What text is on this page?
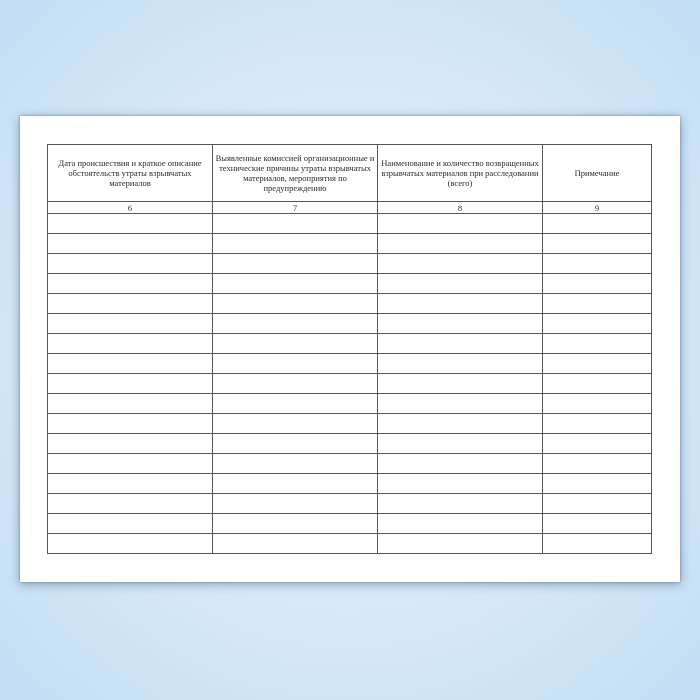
Дата происшествия и краткое описание обстоятельств утраты взрывчатых материалов	Выявленные комиссией организационные и технические причины утраты взрывчатых материалов, мероприятия по предупреждению	Наименование и количество возвращенных взрывчатых материалов при расследовании (всего)	Примечание
6	7	8	9
